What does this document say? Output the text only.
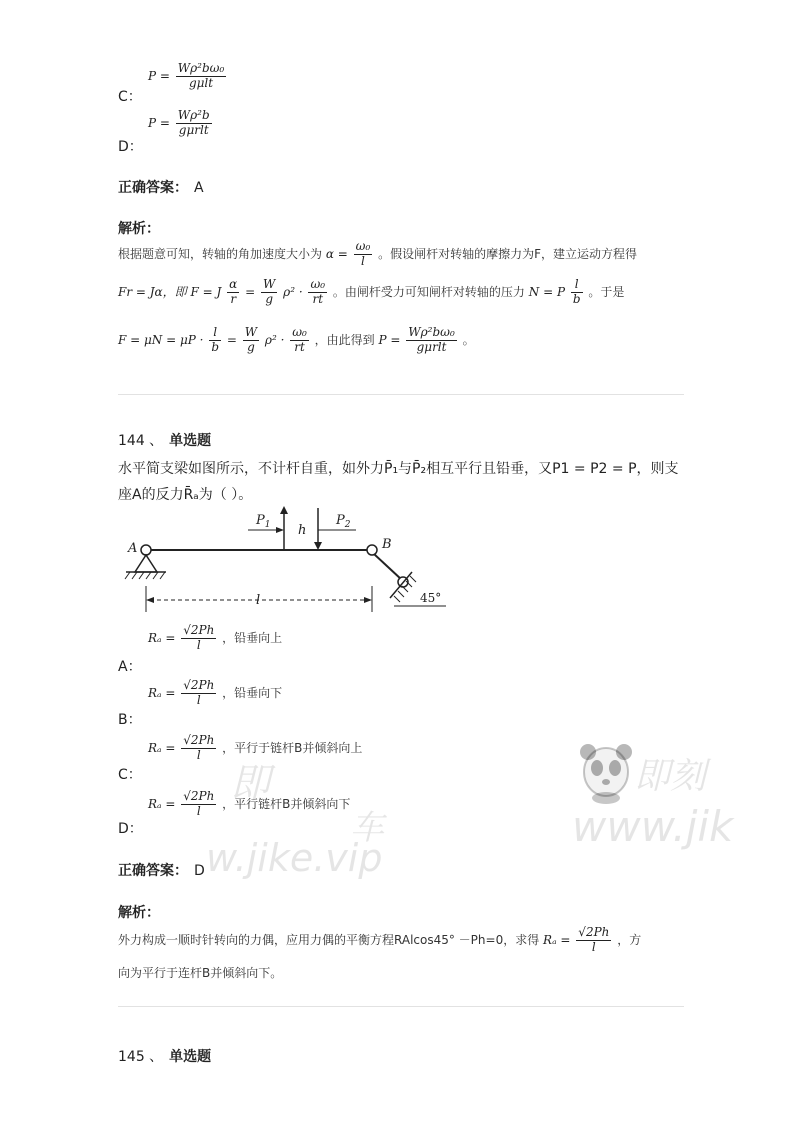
C：
$P = \frac{\text{Wρ²bω₀}}{\text{gμlt}}$
D：
$P = \frac{\text{Wρ²b}}{\text{gμrlt}}$
正确答案： A
解析：
根据题意可知，转轴的角加速度大小为 $\alpha = \frac{\text{ω₀}}{l}$ 。假设闸杆对转轴的摩擦力为F，建立运动方程得
Fr = Jα，即 F = J $\frac{\alpha}{r} = \frac{W}{g} \rho^2 \cdot \frac{\text{ω₀}}{rt}$ 。由闸杆受力可知闸杆对转轴的压力 N = P $\frac{l}{b}$ 。于是
$F = \mu N = \mu P \cdot \frac{l}{b} = \frac{W}{g} \rho^2 \cdot \frac{\text{ω₀}}{rt}$ ，由此得到 $P = \frac{\text{Wρ²bω₀}}{\text{gμrlt}}$ 。
144 、 单选题
水平简支梁如图所示，不计杆自重，如外力P̄₁与P̄₂相互平行且铅垂，又P1 = P2 = P，则支
座A的反力R̄ₐ为（ ）。
A	B
45°
$P_1$	$P_2$
h
l
A：
$R_a = \frac{√2Ph}{l}$ ，铅垂向上
B：
$R_a = \frac{√2Ph}{l}$ ，铅垂向下
C：
$R_a = \frac{√2Ph}{l}$ ，平行于链杆B并倾斜向上
D：
$R_a = \frac{√2Ph}{l}$ ，平行链杆B并倾斜向下
即
车
w.jike.vip
即刻
www.jik
正确答案： D
解析：
外力构成一顺时针转向的力偶，应用力偶的平衡方程RAlcos45° －Ph=0，求得 $R_a = \frac{√2Ph}{l}$ ，方
向为平行于连杆B并倾斜向下。
145 、 单选题
